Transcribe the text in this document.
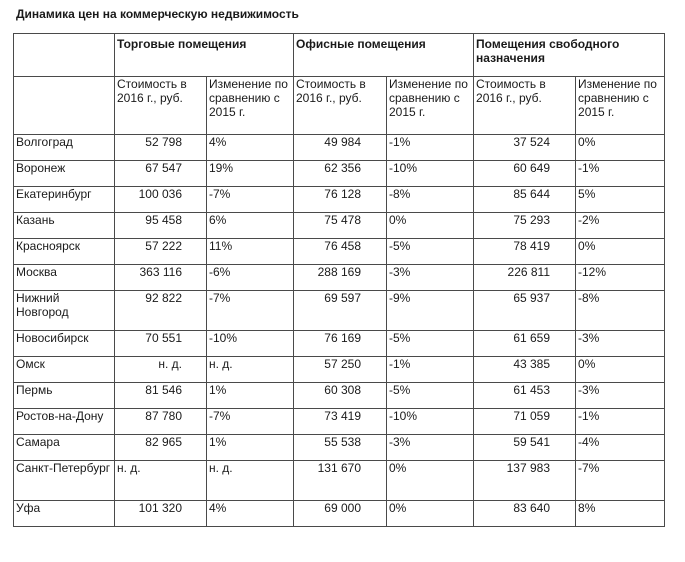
Динамика цен на коммерческую недвижимость
	Торговые помещения		Офисные помещения		Помещения свободного назначения	
	Стоимость в 2016 г., руб.	Изменение по сравнению с 2015 г.	Стоимость в 2016 г., руб.	Изменение по сравнению с 2015 г.	Стоимость в 2016 г., руб.	Изменение по сравнению с 2015 г.
Волгоград	52 798	4%	49 984	-1%	37 524	0%
Воронеж	67 547	19%	62 356	-10%	60 649	-1%
Екатеринбург	100 036	-7%	76 128	-8%	85 644	5%
Казань	95 458	6%	75 478	0%	75 293	-2%
Красноярск	57 222	11%	76 458	-5%	78 419	0%
Москва	363 116	-6%	288 169	-3%	226 811	-12%
Нижний Новгород	92 822	-7%	69 597	-9%	65 937	-8%
Новосибирск	70 551	-10%	76 169	-5%	61 659	-3%
Омск	н. д.	н. д.	57 250	-1%	43 385	0%
Пермь	81 546	1%	60 308	-5%	61 453	-3%
Ростов-на-Дону	87 780	-7%	73 419	-10%	71 059	-1%
Самара	82 965	1%	55 538	-3%	59 541	-4%
Санкт-Петербург	н. д.	н. д.	131 670	0%	137 983	-7%
Уфа	101 320	4%	69 000	0%	83 640	8%
